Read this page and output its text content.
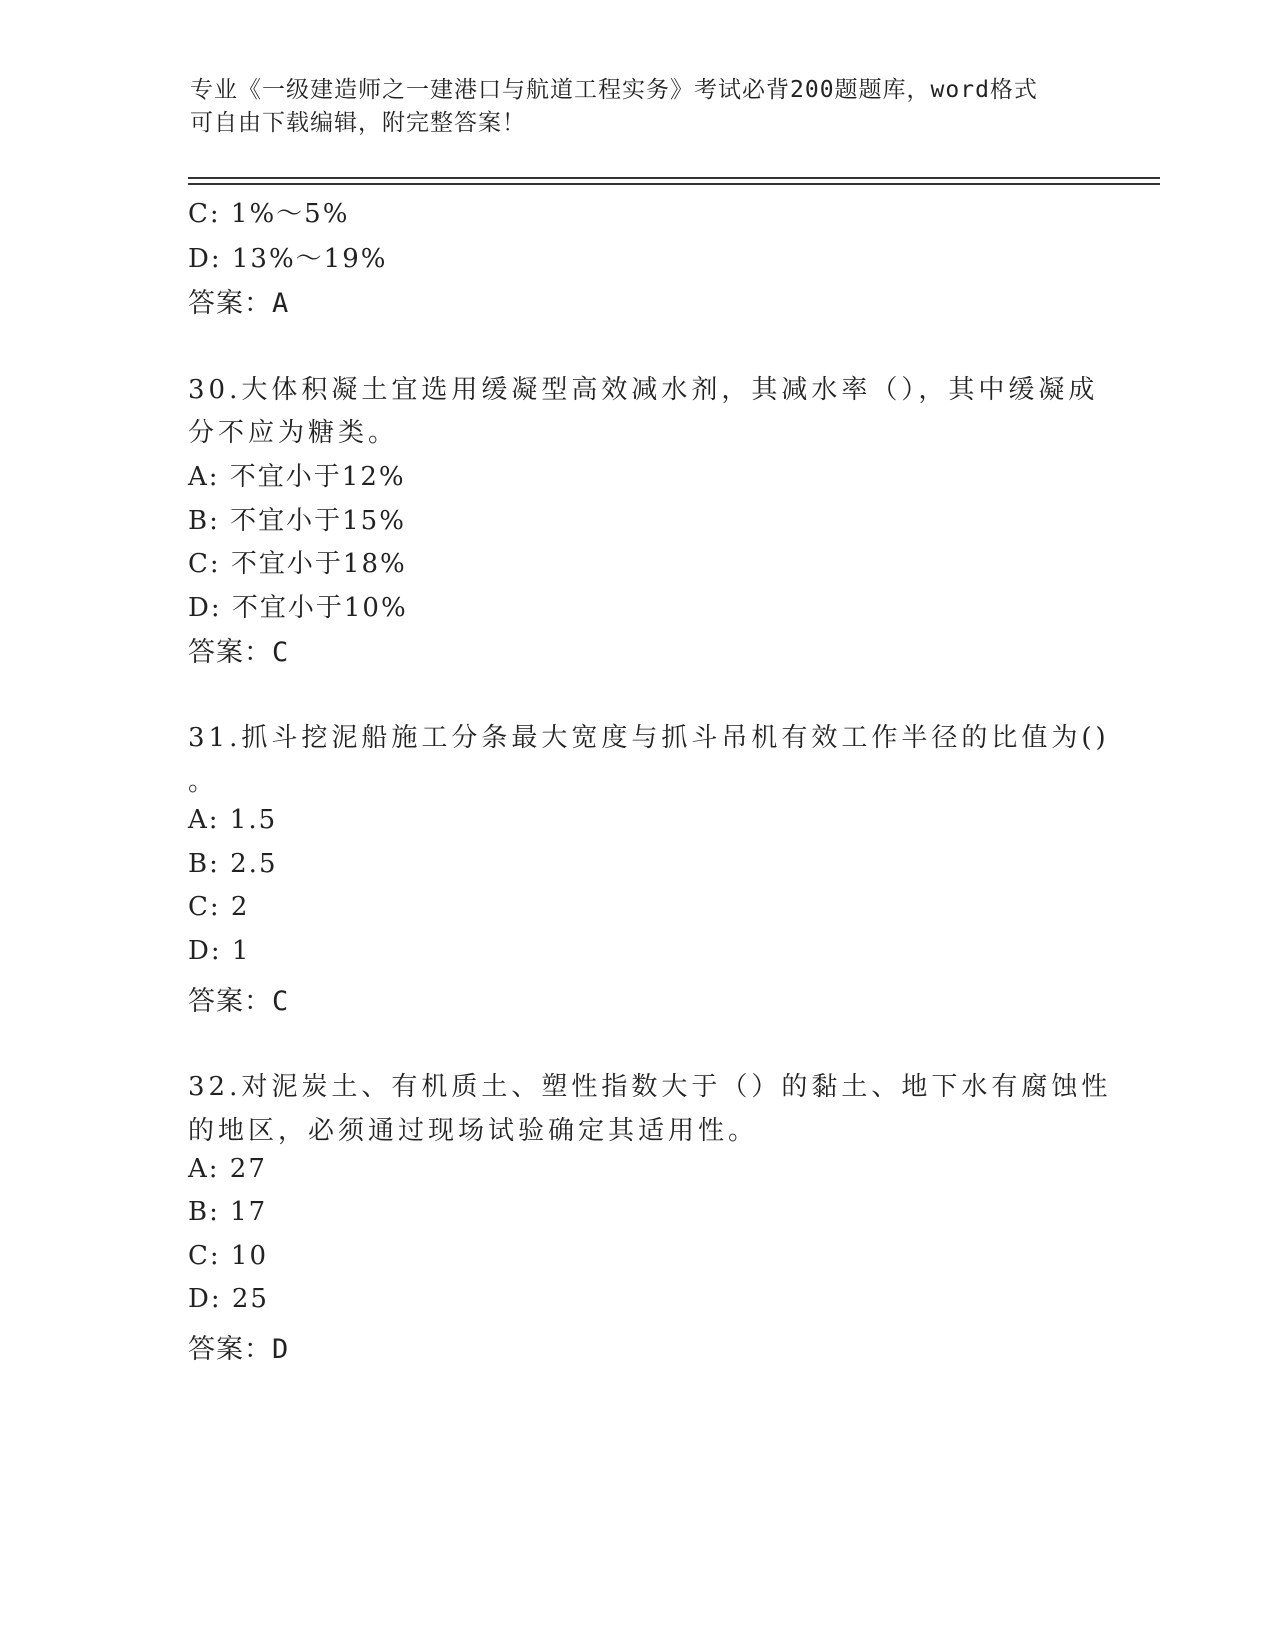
专业《一级建造师之一建港口与航道工程实务》考试必背200题题库，word格式
可自由下载编辑，附完整答案！
C: 1%～5%
D: 13%～19%
答案：A
30.大体积凝土宜选用缓凝型高效减水剂，其减水率（），其中缓凝成
分不应为糖类。
A: 不宜小于12%
B: 不宜小于15%
C: 不宜小于18%
D: 不宜小于10%
答案：C
31.抓斗挖泥船施工分条最大宽度与抓斗吊机有效工作半径的比值为()
。
A: 1.5
B: 2.5
C: 2
D: 1
答案：C
32.对泥炭土、有机质土、塑性指数大于（）的黏土、地下水有腐蚀性
的地区，必须通过现场试验确定其适用性。
A: 27
B: 17
C: 10
D: 25
答案：D
